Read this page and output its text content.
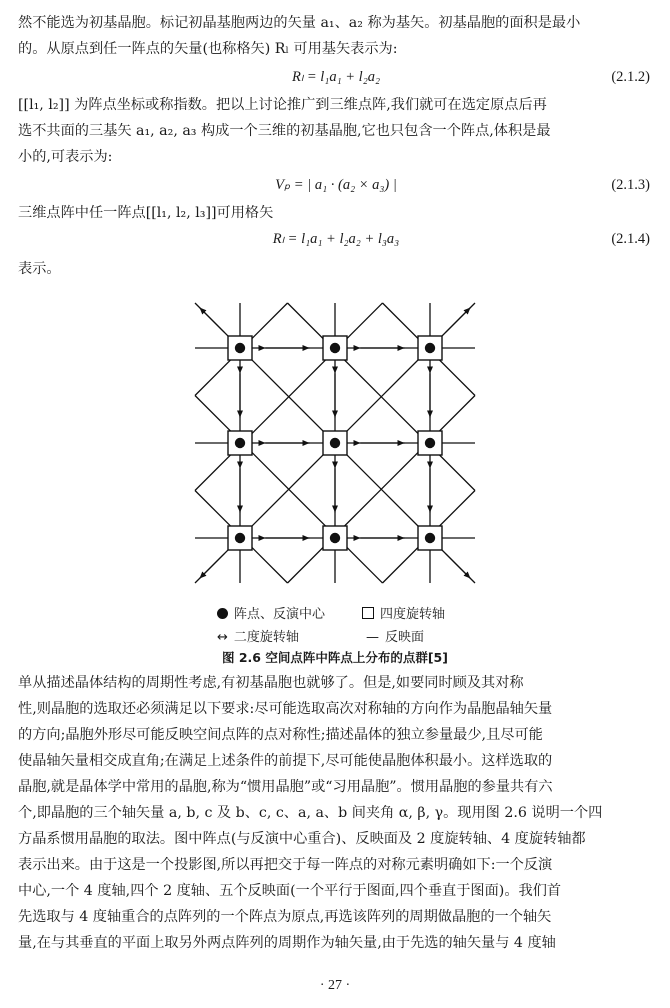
然不能选为初基晶胞。标记初晶基胞两边的矢量 a₁、a₂ 称为基矢。初基晶胞的面积是最小
的。从原点到任一阵点的矢量(也称格矢) Rₗ 可用基矢表示为:
Rₗ = l₁a₁ + l₂a₂	(2.1.2)
[[l₁, l₂]] 为阵点坐标或称指数。把以上讨论推广到三维点阵,我们就可在选定原点后再
选不共面的三基矢 a₁, a₂, a₃ 构成一个三维的初基晶胞,它也只包含一个阵点,体积是最
小的,可表示为:
Vₚ = | a₁ · (a₂ × a₃) |	(2.1.3)
三维点阵中任一阵点[[l₁, l₂, l₃]]可用格矢
Rₗ = l₁a₁ + l₂a₂ + l₃a₃	(2.1.4)
表示。
阵点、反演中心	四度旋转轴
↔ 二度旋转轴	— 反映面
图 2.6 空间点阵中阵点上分布的点群[5]
单从描述晶体结构的周期性考虑,有初基晶胞也就够了。但是,如要同时顾及其对称
性,则晶胞的选取还必须满足以下要求:尽可能选取高次对称轴的方向作为晶胞晶轴矢量
的方向;晶胞外形尽可能反映空间点阵的点对称性;描述晶体的独立参量最少,且尽可能
使晶轴矢量相交成直角;在满足上述条件的前提下,尽可能使晶胞体积最小。这样选取的
晶胞,就是晶体学中常用的晶胞,称为“惯用晶胞”或“习用晶胞”。惯用晶胞的参量共有六
个,即晶胞的三个轴矢量 a, b, c 及 b、c, c、a, a、b 间夹角 α, β, γ。现用图 2.6 说明一个四
方晶系惯用晶胞的取法。图中阵点(与反演中心重合)、反映面及 2 度旋转轴、4 度旋转轴都
表示出来。由于这是一个投影图,所以再把交于每一阵点的对称元素明确如下:一个反演
中心,一个 4 度轴,四个 2 度轴、五个反映面(一个平行于图面,四个垂直于图面)。我们首
先选取与 4 度轴重合的点阵列的一个阵点为原点,再选该阵列的周期做晶胞的一个轴矢
量,在与其垂直的平面上取另外两点阵列的周期作为轴矢量,由于先选的轴矢量与 4 度轴
· 27 ·
